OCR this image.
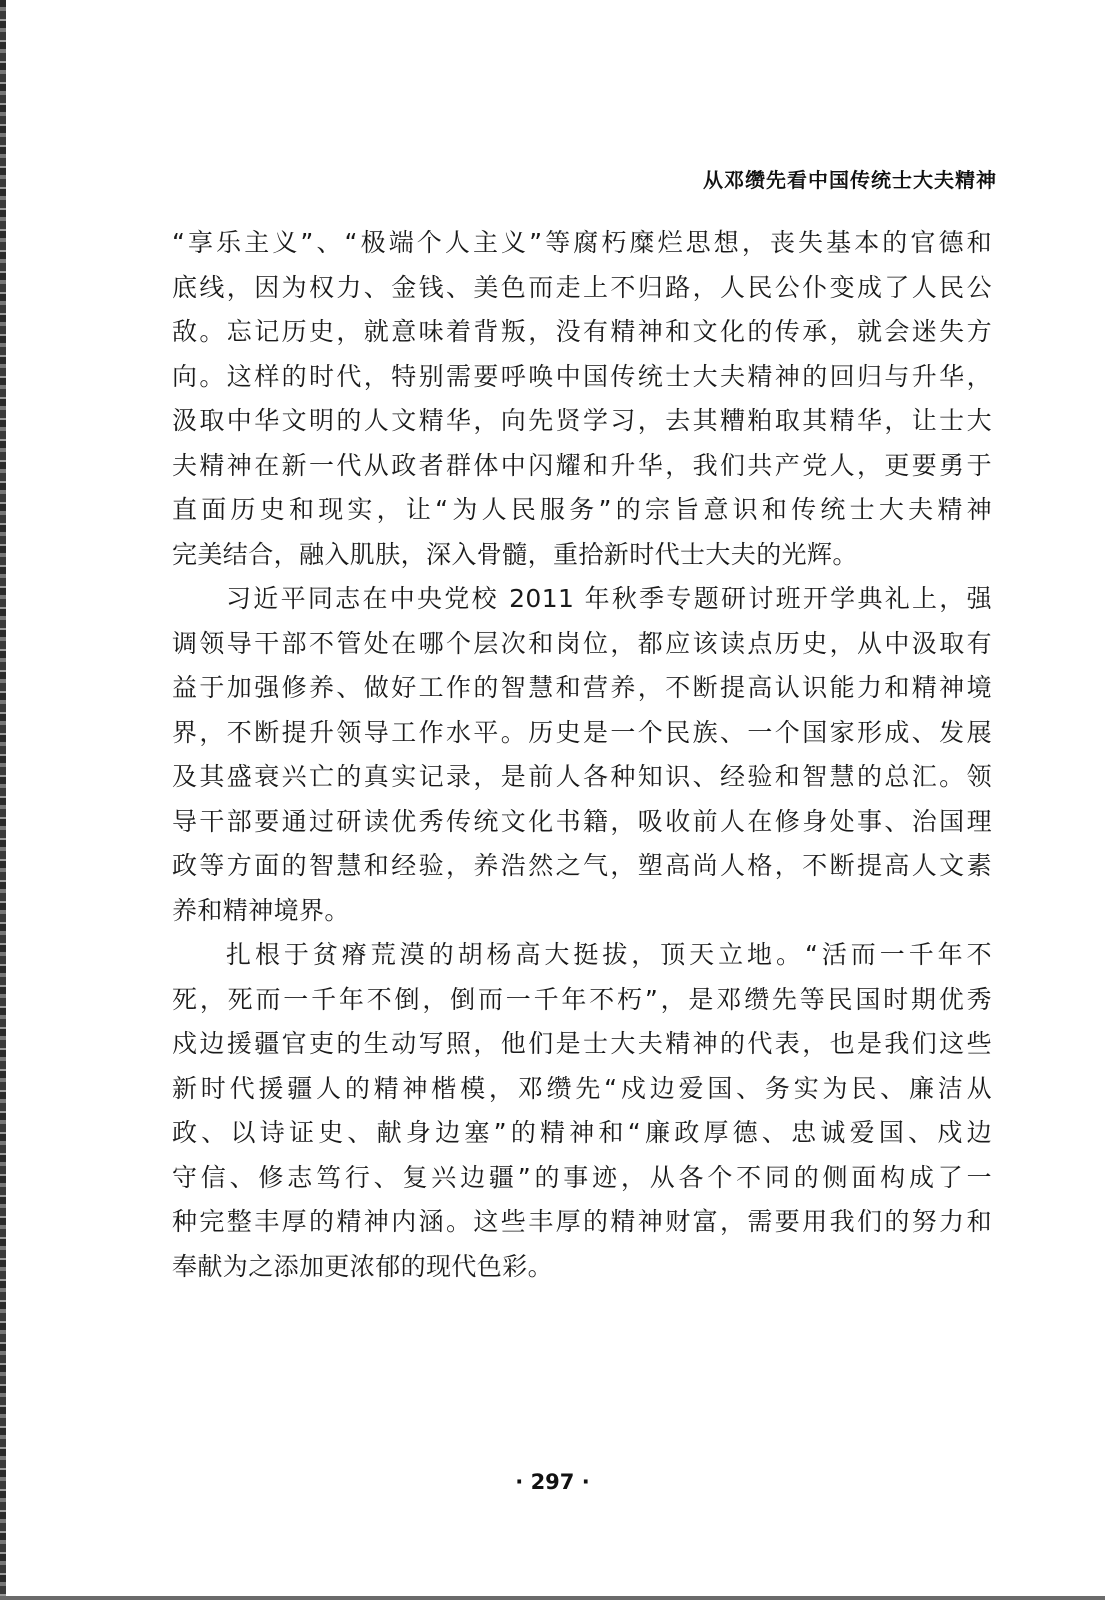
从邓缵先看中国传统士大夫精神

“享乐主义”、“极端个人主义”等腐朽糜烂思想，丧失基本的官德和
底线，因为权力、金钱、美色而走上不归路，人民公仆变成了人民公
敌。忘记历史，就意味着背叛，没有精神和文化的传承，就会迷失方
向。这样的时代，特别需要呼唤中国传统士大夫精神的回归与升华，
汲取中华文明的人文精华，向先贤学习，去其糟粕取其精华，让士大
夫精神在新一代从政者群体中闪耀和升华，我们共产党人，更要勇于
直面历史和现实，让“为人民服务”的宗旨意识和传统士大夫精神
完美结合，融入肌肤，深入骨髓，重拾新时代士大夫的光辉。
习近平同志在中央党校 2011 年秋季专题研讨班开学典礼上，强
调领导干部不管处在哪个层次和岗位，都应该读点历史，从中汲取有
益于加强修养、做好工作的智慧和营养，不断提高认识能力和精神境
界，不断提升领导工作水平。历史是一个民族、一个国家形成、发展
及其盛衰兴亡的真实记录，是前人各种知识、经验和智慧的总汇。领
导干部要通过研读优秀传统文化书籍，吸收前人在修身处事、治国理
政等方面的智慧和经验，养浩然之气，塑高尚人格，不断提高人文素
养和精神境界。
扎根于贫瘠荒漠的胡杨高大挺拔，顶天立地。“活而一千年不
死，死而一千年不倒，倒而一千年不朽”，是邓缵先等民国时期优秀
戍边援疆官吏的生动写照，他们是士大夫精神的代表，也是我们这些
新时代援疆人的精神楷模，邓缵先“戍边爱国、务实为民、廉洁从
政、以诗证史、献身边塞”的精神和“廉政厚德、忠诚爱国、戍边
守信、修志笃行、复兴边疆”的事迹，从各个不同的侧面构成了一
种完整丰厚的精神内涵。这些丰厚的精神财富，需要用我们的努力和
奉献为之添加更浓郁的现代色彩。

· 297 ·
